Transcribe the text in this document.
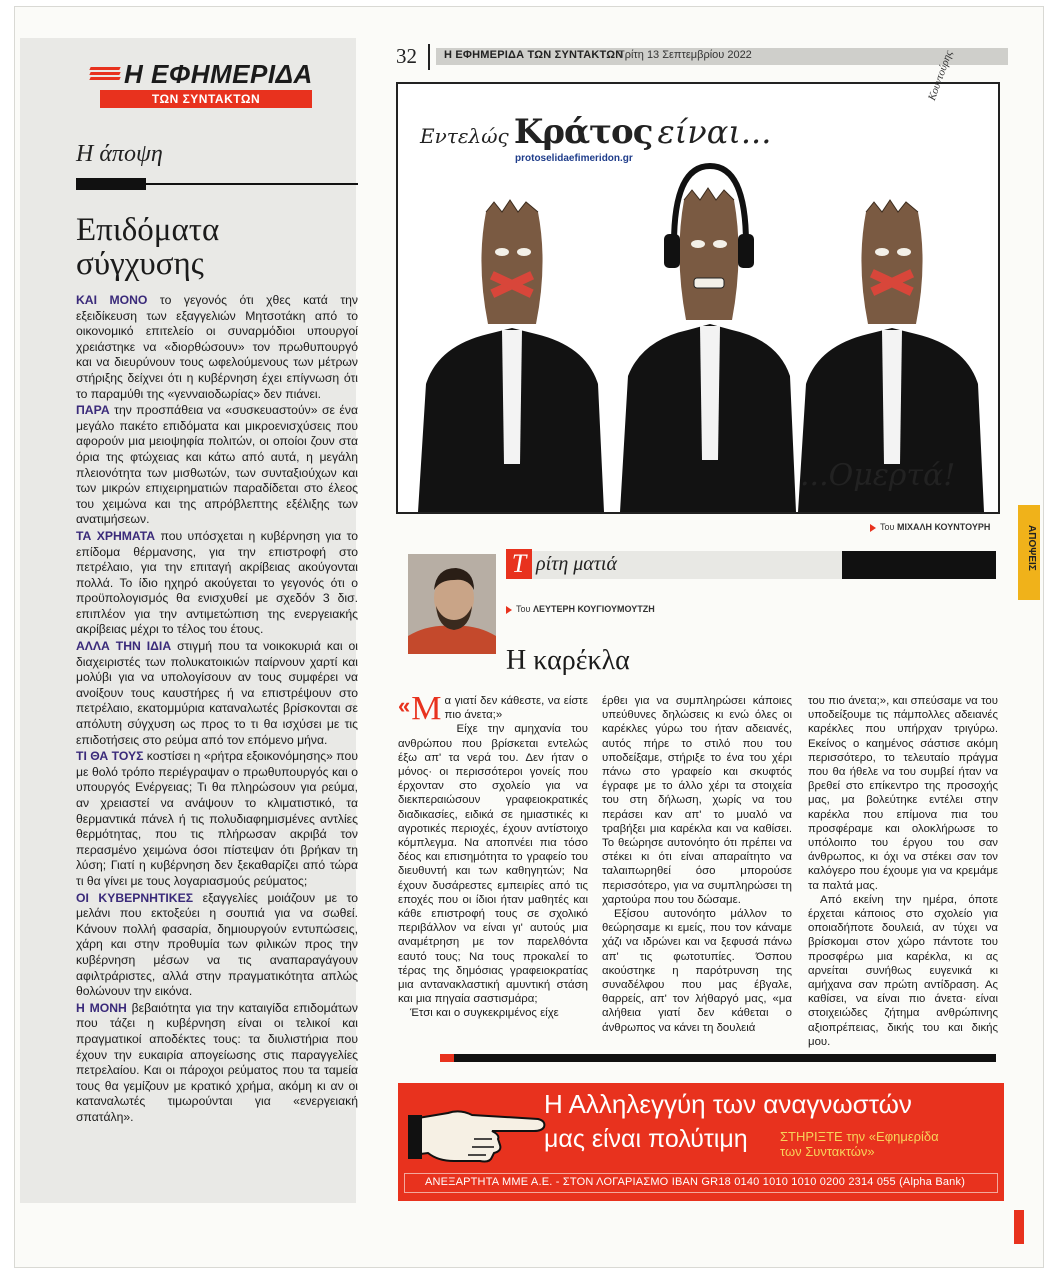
Η ΕΦΗΜΕΡΙΔΑ
ΤΩΝ ΣΥΝΤΑΚΤΩΝ
Η άποψη
Επιδόματα
σύγχυσης

ΚΑΙ ΜΟΝΟ το γεγονός ότι χθες κατά την εξειδίκευση των εξαγγελιών Μητσοτάκη από το οικονομικό επιτελείο οι συναρμόδιοι υπουργοί χρειάστηκε να «διορθώσουν» τον πρωθυπουργό και να διευρύνουν τους ωφελούμενους των μέτρων στήριξης δείχνει ότι η κυβέρνηση έχει επίγνωση ότι το παραμύθι της «γενναιοδωρίας» δεν πιάνει.

ΠΑΡΑ την προσπάθεια να «συσκευαστούν» σε ένα μεγάλο πακέτο επιδόματα και μικροενισχύσεις που αφορούν μια μειοψηφία πολιτών, οι οποίοι ζουν στα όρια της φτώχειας και κάτω από αυτά, η μεγάλη πλειονότητα των μισθωτών, των συνταξιούχων και των μικρών επιχειρηματιών παραδίδεται στο έλεος του χειμώνα και της απρόβλεπτης εξέλιξης των ανατιμήσεων.

ΤΑ ΧΡΗΜΑΤΑ που υπόσχεται η κυβέρνηση για το επίδομα θέρμανσης, για την επιστροφή στο πετρέλαιο, για την επιταγή ακρίβειας ακούγονται πολλά. Το ίδιο ηχηρό ακούγεται το γεγονός ότι ο προϋπολογισμός θα ενισχυθεί με σχεδόν 3 δισ. επιπλέον για την αντιμετώπιση της ενεργειακής ακρίβειας μέχρι το τέλος του έτους.

ΑΛΛΑ ΤΗΝ ΙΔΙΑ στιγμή που τα νοικοκυριά και οι διαχειριστές των πολυκατοικιών παίρνουν χαρτί και μολύβι για να υπολογίσουν αν τους συμφέρει να ανοίξουν τους καυστήρες ή να επιστρέψουν στο πετρέλαιο, εκατομμύρια καταναλωτές βρίσκονται σε απόλυτη σύγχυση ως προς το τι θα ισχύσει με τις επιδοτήσεις στο ρεύμα από τον επόμενο μήνα.

ΤΙ ΘΑ ΤΟΥΣ κοστίσει η «ρήτρα εξοικονόμησης» που με θολό τρόπο περιέγραψαν ο πρωθυπουργός και ο υπουργός Ενέργειας; Τι θα πληρώσουν για ρεύμα, αν χρειαστεί να ανάψουν το κλιματιστικό, τα θερμαντικά πάνελ ή τις πολυδιαφημισμένες αντλίες θερμότητας, που τις πλήρωσαν ακριβά τον περασμένο χειμώνα όσοι πίστεψαν ότι βρήκαν τη λύση; Γιατί η κυβέρνηση δεν ξεκαθαρίζει από τώρα τι θα γίνει με τους λογαριασμούς ρεύματος;

ΟΙ ΚΥΒΕΡΝΗΤΙΚΕΣ εξαγγελίες μοιάζουν με το μελάνι που εκτοξεύει η σουπιά για να σωθεί. Κάνουν πολλή φασαρία, δημιουργούν εντυπώσεις, χάρη και στην προθυμία των φιλικών προς την κυβέρνηση μέσων να τις αναπαραγάγουν αφιλτράριστες, αλλά στην πραγματικότητα απλώς θολώνουν την εικόνα.

Η ΜΟΝΗ βεβαιότητα για την καταιγίδα επιδομάτων που τάζει η κυβέρνηση είναι οι τελικοί και πραγματικοί αποδέκτες τους: τα διυλιστήρια που έχουν την ευκαιρία απογείωσης στις παραγγελίες πετρελαίου. Και οι πάροχοι ρεύματος που τα ταμεία τους θα γεμίζουν με κρατικό χρήμα, ακόμη κι αν οι καταναλωτές τιμωρούνται για «ενεργειακή σπατάλη».

32 Η ΕΦΗΜΕΡΙΔΑ ΤΩΝ ΣΥΝΤΑΚΤΩΝ
Τρίτη 13 Σεπτεμβρίου 2022
Εντελώς Κράτος είναι...
Κουντούρης
...Ομερτά!
protoselidaefimeridon.gr
Του ΜΙΧΑΛΗ ΚΟΥΝΤΟΥΡΗ	ΑΠΟΨΕΙΣ
Τ ρίτη ματιά
Του ΛΕΥΤΕΡΗ ΚΟΥΓΙΟΥΜΟΥΤΖΗ
Η καρέκλα

« Μ α γιατί δεν κάθεστε, να είστε πιο άνετα;»

Είχε την αμηχανία του ανθρώπου που βρίσκεται εντελώς έξω απ' τα νερά του. Δεν ήταν ο μόνος· οι περισσότεροι γονείς που έρχονταν στο σχολείο για να διεκπεραιώσουν γραφειοκρατικές διαδικασίες, ειδικά σε ημιαστικές κι αγροτικές περιοχές, έχουν αντίστοιχο κόμπλεγμα. Να αποπνέει πια τόσο δέος και επισημότητα το γραφείο του διευθυντή και των καθηγητών; Να έχουν δυσάρεστες εμπειρίες από τις εποχές που οι ίδιοι ήταν μαθητές και κάθε επιστροφή τους σε σχολικό περιβάλλον να είναι γι' αυτούς μια αναμέτρηση με τον παρελθόντα εαυτό τους; Να τους προκαλεί το τέρας της δημόσιας γραφειοκρατίας μια αντανακλαστική αμυντική στάση και μια πηγαία σαστισμάρα;

Έτσι και ο συγκεκριμένος είχε

έρθει για να συμπληρώσει κάποιες υπεύθυνες δηλώσεις κι ενώ όλες οι καρέκλες γύρω του ήταν αδειανές, αυτός πήρε το στιλό που του υποδείξαμε, στήριξε το ένα του χέρι πάνω στο γραφείο και σκυφτός έγραφε με το άλλο χέρι τα στοιχεία του στη δήλωση, χωρίς να του περάσει καν απ' το μυαλό να τραβήξει μια καρέκλα και να καθίσει. Το θεώρησε αυτονόητο ότι πρέπει να στέκει κι ότι είναι απαραίτητο να ταλαιπωρηθεί όσο μπορούσε περισσότερο, για να συμπληρώσει τη χαρτούρα που του δώσαμε.

Εξίσου αυτονόητο μάλλον το θεώρησαμε κι εμείς, που τον κάναμε χάζι να ιδρώνει και να ξεφυσά πάνω απ' τις φωτοτυπίες. Όσπου ακούστηκε η παρότρυνση της συναδέλφου που μας έβγαλε, θαρρείς, απ' τον λήθαργό μας, «μα αλήθεια γιατί δεν κάθεται ο άνθρωπος να κάνει τη δουλειά

του πιο άνετα;», και σπεύσαμε να του υποδείξουμε τις πάμπολλες αδειανές καρέκλες που υπήρχαν τριγύρω. Εκείνος ο καημένος σάστισε ακόμη περισσότερο, το τελευταίο πράγμα που θα ήθελε να του συμβεί ήταν να βρεθεί στο επίκεντρο της προσοχής μας, μα βολεύτηκε εντέλει στην καρέκλα που επίμονα πια του προσφέραμε και ολοκλήρωσε το υπόλοιπο του έργου του σαν άνθρωπος, κι όχι να στέκει σαν τον καλόγερο που έχουμε για να κρεμάμε τα παλτά μας.

Από εκείνη την ημέρα, όποτε έρχεται κάποιος στο σχολείο για οποιαδήποτε δουλειά, αν τύχει να βρίσκομαι στον χώρο πάντοτε του προσφέρω μια καρέκλα, κι ας αρνείται συνήθως ευγενικά κι αμήχανα σαν πρώτη αντίδραση. Ας καθίσει, να είναι πιο άνετα· είναι στοιχειώδες ζήτημα ανθρώπινης αξιοπρέπειας, δικής του και δικής μου.

Η Αλληλεγγύη των αναγνωστών
μας είναι πολύτιμη ΣΤΗΡΙΞΤΕ την «Εφημερίδα
των Συντακτών»
ΑΝΕΞΑΡΤΗΤΑ ΜΜΕ Α.Ε. - ΣΤΟΝ ΛΟΓΑΡΙΑΣΜΟ IBAN GR18 0140 1010 1010 0200 2314 055 (Alpha Bank)
